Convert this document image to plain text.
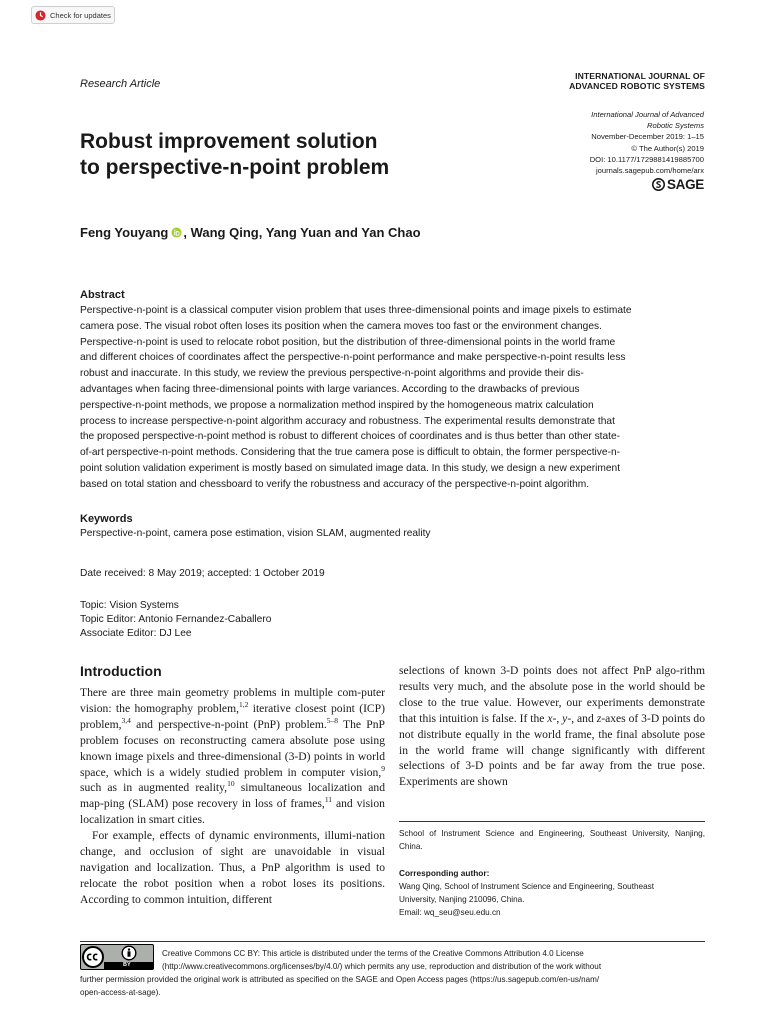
Check for updates
Research Article
INTERNATIONAL JOURNAL OF
ADVANCED ROBOTIC SYSTEMS
International Journal of Advanced
Robotic Systems
November-December 2019: 1–15
© The Author(s) 2019
DOI: 10.1177/1729881419885700
journals.sagepub.com/home/arx
SAGE
Robust improvement solution
to perspective-n-point problem
Feng Youyang , Wang Qing, Yang Yuan and Yan Chao
Abstract
Perspective-n-point is a classical computer vision problem that uses three-dimensional points and image pixels to estimate
camera pose. The visual robot often loses its position when the camera moves too fast or the environment changes.
Perspective-n-point is used to relocate robot position, but the distribution of three-dimensional points in the world frame
and different choices of coordinates affect the perspective-n-point performance and make perspective-n-point results less
robust and inaccurate. In this study, we review the previous perspective-n-point algorithms and provide their dis-
advantages when facing three-dimensional points with large variances. According to the drawbacks of previous
perspective-n-point methods, we propose a normalization method inspired by the homogeneous matrix calculation
process to increase perspective-n-point algorithm accuracy and robustness. The experimental results demonstrate that
the proposed perspective-n-point method is robust to different choices of coordinates and is thus better than other state-
of-art perspective-n-point methods. Considering that the true camera pose is difficult to obtain, the former perspective-n-
point solution validation experiment is mostly based on simulated image data. In this study, we design a new experiment
based on total station and chessboard to verify the robustness and accuracy of the perspective-n-point algorithm.
Keywords
Perspective-n-point, camera pose estimation, vision SLAM, augmented reality
Date received: 8 May 2019; accepted: 1 October 2019
Topic: Vision Systems
Topic Editor: Antonio Fernandez-Caballero
Associate Editor: DJ Lee
Introduction

There are three main geometry problems in multiple com-puter vision: the homography problem,$^{1,2}$ iterative closest point (ICP) problem,$^{3,4}$ and perspective-n-point (PnP) problem.$^{5-8}$ The PnP problem focuses on reconstructing camera absolute pose using known image pixels and three-dimensional (3-D) points in world space, which is a widely studied problem in computer vision,$^9$ such as in augmented reality,$^{10}$ simultaneous localization and map-ping (SLAM) pose recovery in loss of frames,$^{11}$ and vision localization in smart cities.

For example, effects of dynamic environments, illumi-nation change, and occlusion of sight are unavoidable in visual navigation and localization. Thus, a PnP algorithm is used to relocate the robot position when a robot loses its positions. According to common intuition, different

selections of known 3-D points does not affect PnP algo-rithm results very much, and the absolute pose in the world should be close to the true value. However, our experiments demonstrate that this intuition is false. If the x-, y-, and z-axes of 3-D points do not distribute equally in the world frame, the final absolute pose in the world frame will change significantly with different selections of 3-D points and be far away from the true pose. Experiments are shown

School of Instrument Science and Engineering, Southeast University, Nanjing, China.
Corresponding author:
Wang Qing, School of Instrument Science and Engineering, Southeast
University, Nanjing 210096, China.
Email: wq_seu@seu.edu.cn
BY
Creative Commons CC BY: This article is distributed under the terms of the Creative Commons Attribution 4.0 License
(http://www.creativecommons.org/licenses/by/4.0/) which permits any use, reproduction and distribution of the work without
further permission provided the original work is attributed as specified on the SAGE and Open Access pages (https://us.sagepub.com/en-us/nam/
open-access-at-sage).
